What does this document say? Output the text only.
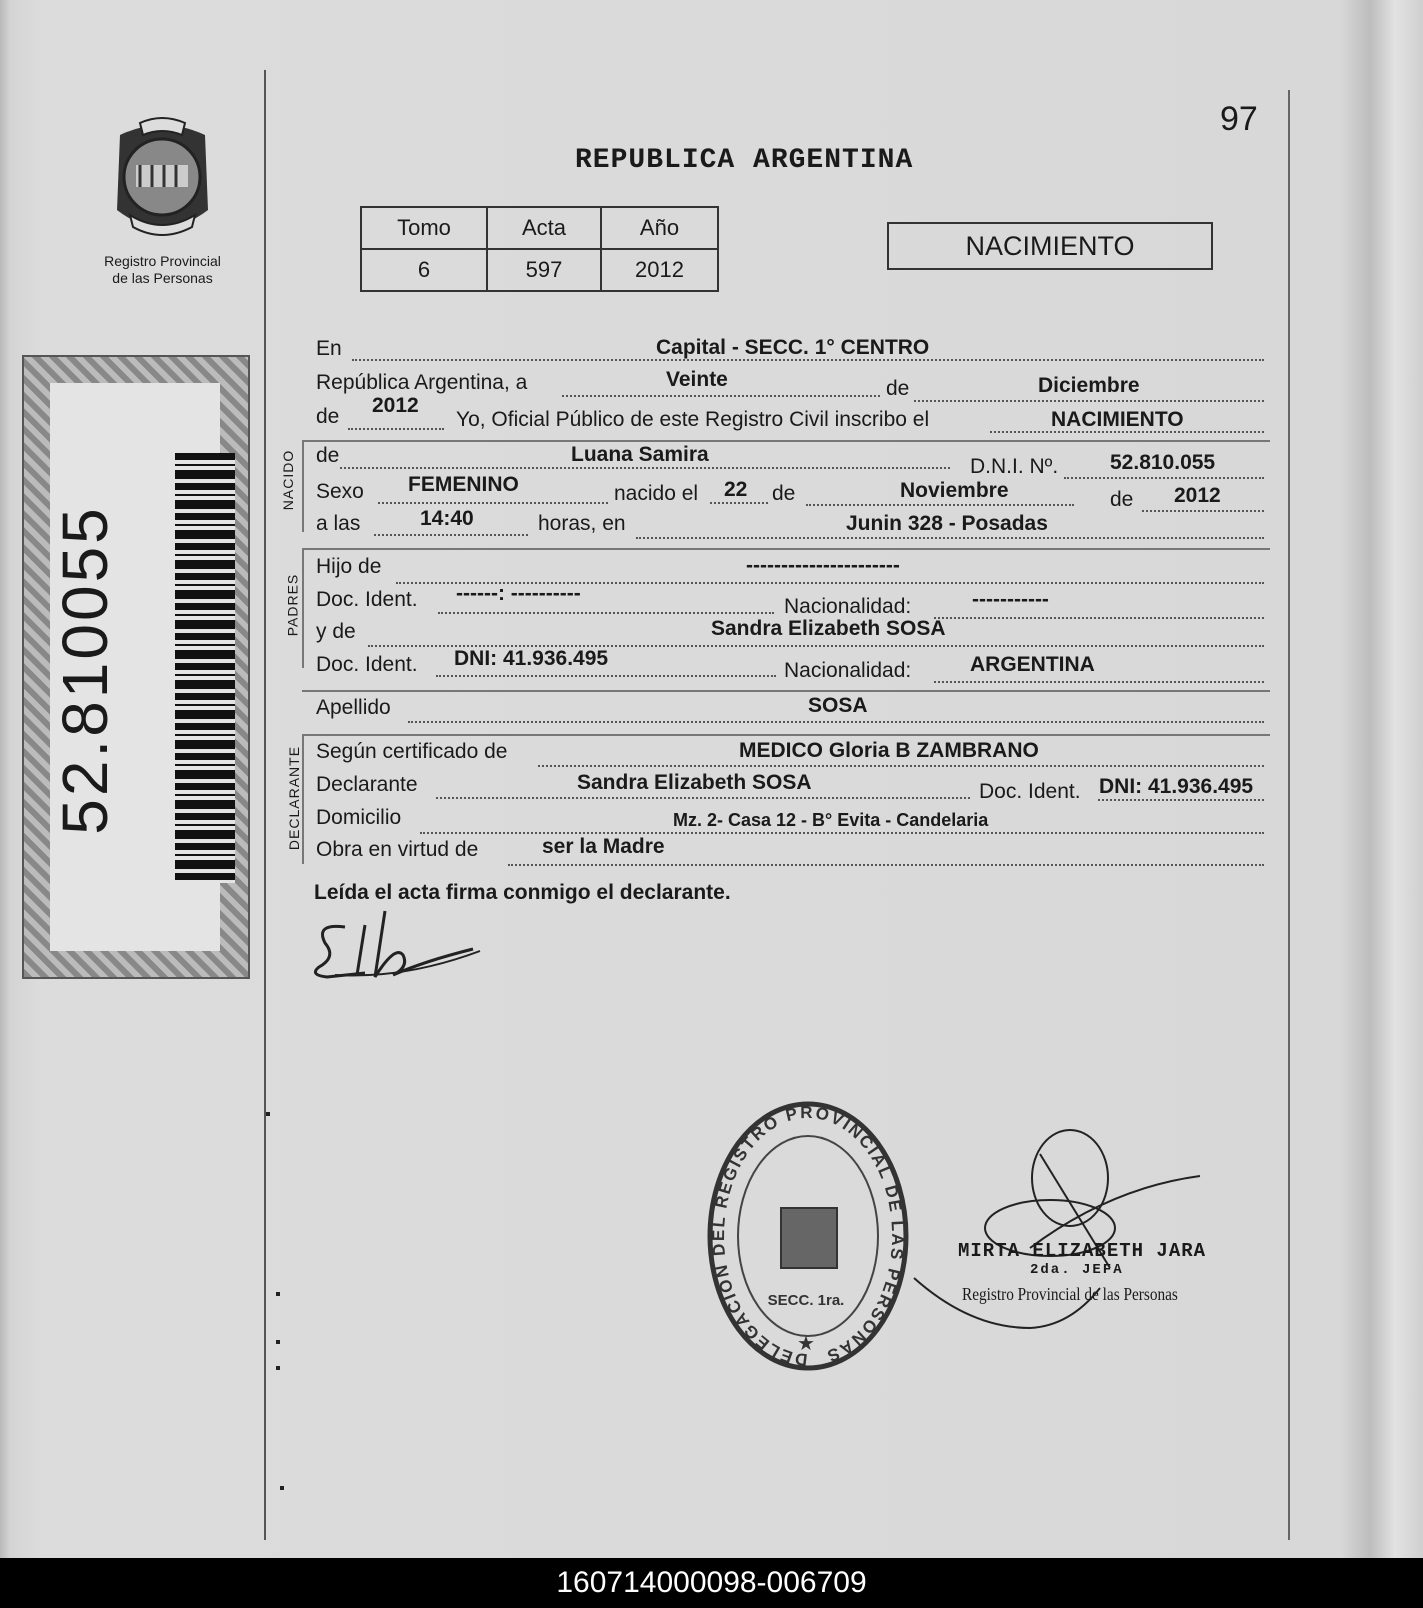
97
Registro Provincial
de las Personas
52.810055
REPUBLICA ARGENTINA
Tomo	Acta	Año
6	597	2012
NACIMIENTO
En	Capital - SECC. 1° CENTRO
República Argentina, a	Veinte	de	Diciembre
de 2012
Yo, Oficial Público de este Registro Civil inscribo el	NACIMIENTO
NACIDO de	Luana Samira
D.N.I. Nº. 52.810.055
Sexo FEMENINO	nacido el 22 de	Noviembre	de 2012
a las	14:40	horas, en	Junin 328 - Posadas
PADRES
Hijo de	----------------------
Doc. Ident. ------: ----------
Nacionalidad:	-----------
y de	Sandra Elizabeth SOSA
Doc. Ident. DNI: 41.936.495
Nacionalidad:	ARGENTINA
Apellido	SOSA
DECLARANTE Según certificado de	MEDICO Gloria B ZAMBRANO
Declarante	Sandra Elizabeth SOSA	Doc. Ident. DNI: 41.936.495
Domicilio	Mz. 2- Casa 12 - B° Evita - Candelaria
Obra en virtud de	ser la Madre
Leída el acta firma conmigo el declarante.
DELEGACION DEL REGISTRO PROVINCIAL DE LAS PERSONAS
SECC. 1ra.
★
MIRTA ELIZABETH JARA
2da. JEFA
Registro Provincial de las Personas
160714000098-006709
